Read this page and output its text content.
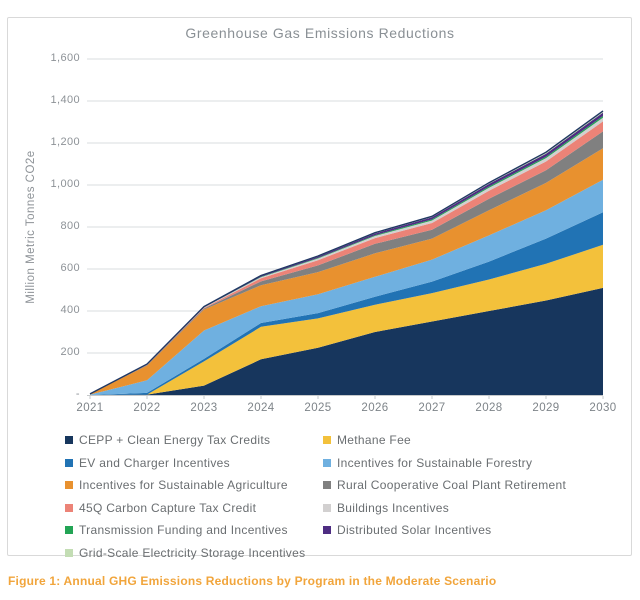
Greenhouse Gas Emissions Reductions
Million Metric Tonnes CO2e
-
200
400
600
800
1,000
1,200
1,400
1,600
2021	2022	2023	2024	2025	2026	2027	2028	2029	2030
CEPP + Clean Energy Tax Credits	Methane Fee
EV and Charger Incentives	Incentives for Sustainable Forestry
Incentives for Sustainable Agriculture	Rural Cooperative Coal Plant Retirement
45Q Carbon Capture Tax Credit	Buildings Incentives
Transmission Funding and Incentives	Distributed Solar Incentives
Grid-Scale Electricity Storage Incentives
Figure 1: Annual GHG Emissions Reductions by Program in the Moderate Scenario
